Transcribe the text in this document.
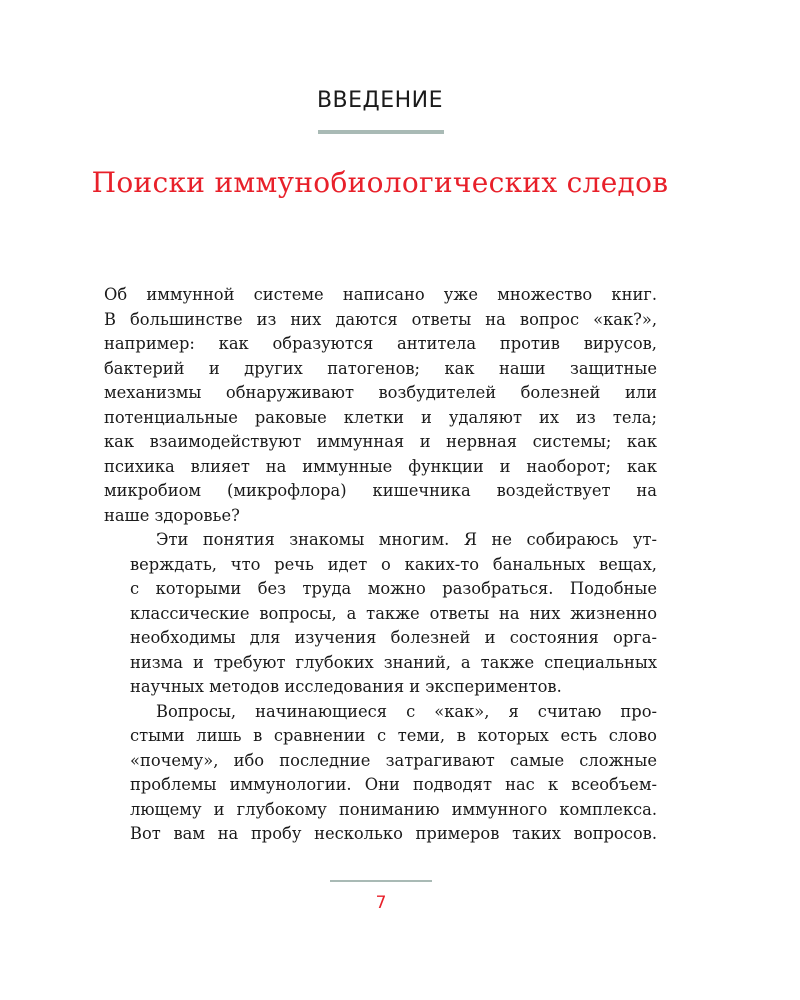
ВВЕДЕНИЕ
Поиски иммунобиологических следов

Об иммунной системе написано уже множество книг.
В большинстве из них даются ответы на вопрос «как?»,
например: как образуются антитела против вирусов,
бактерий и других патогенов; как наши защитные
механизмы обнаруживают возбудителей болезней или
потенциальные раковые клетки и удаляют их из тела;
как взаимодействуют иммунная и нервная системы; как
психика влияет на иммунные функции и наоборот; как
микробиом (микрофлора) кишечника воздействует на
наше здоровье?

Эти понятия знакомы многим. Я не собираюсь ут-
верждать, что речь идет о каких-то банальных вещах,
с которыми без труда можно разобраться. Подобные
классические вопросы, а также ответы на них жизненно
необходимы для изучения болезней и состояния орга-
низма и требуют глубоких знаний, а также специальных
научных методов исследования и экспериментов.

Вопросы, начинающиеся с «как», я считаю про-
стыми лишь в сравнении с теми, в которых есть слово
«почему», ибо последние затрагивают самые сложные
проблемы иммунологии. Они подводят нас к всеобъем-
лющему и глубокому пониманию иммунного комплекса.
Вот вам на пробу несколько примеров таких вопросов.

7
